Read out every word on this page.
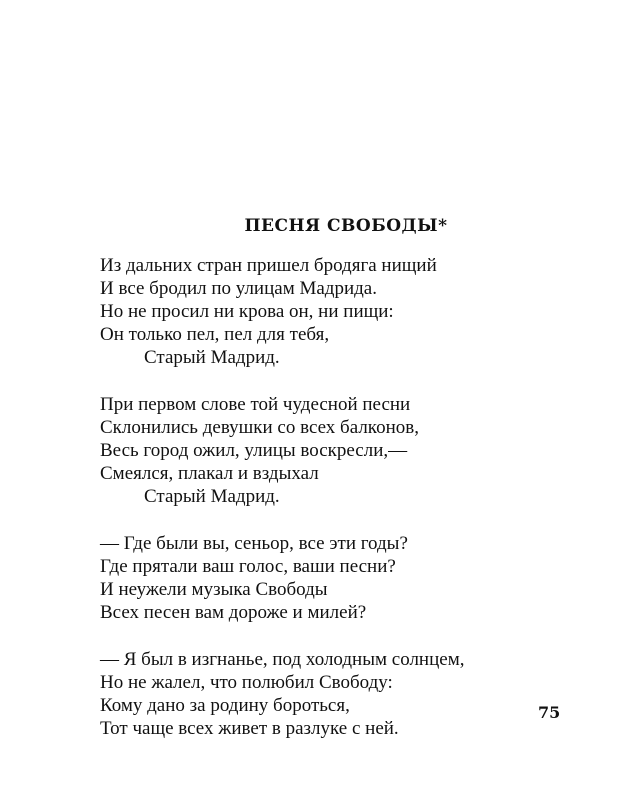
ПЕСНЯ СВОБОДЫ*
Из дальних стран пришел бродяга нищий
И все бродил по улицам Мадрида.
Но не просил ни крова он, ни пищи:
Он только пел, пел для тебя,
Старый Мадрид.
При первом слове той чудесной песни
Склонились девушки со всех балконов,
Весь город ожил, улицы воскресли,—
Смеялся, плакал и вздыхал
Старый Мадрид.
— Где были вы, сеньор, все эти годы?
Где прятали ваш голос, ваши песни?
И неужели музыка Свободы
Всех песен вам дороже и милей?
— Я был в изгнанье, под холодным солнцем,
Но не жалел, что полюбил Свободу:
Кому дано за родину бороться,
Тот чаще всех живет в разлуке с ней.
75
